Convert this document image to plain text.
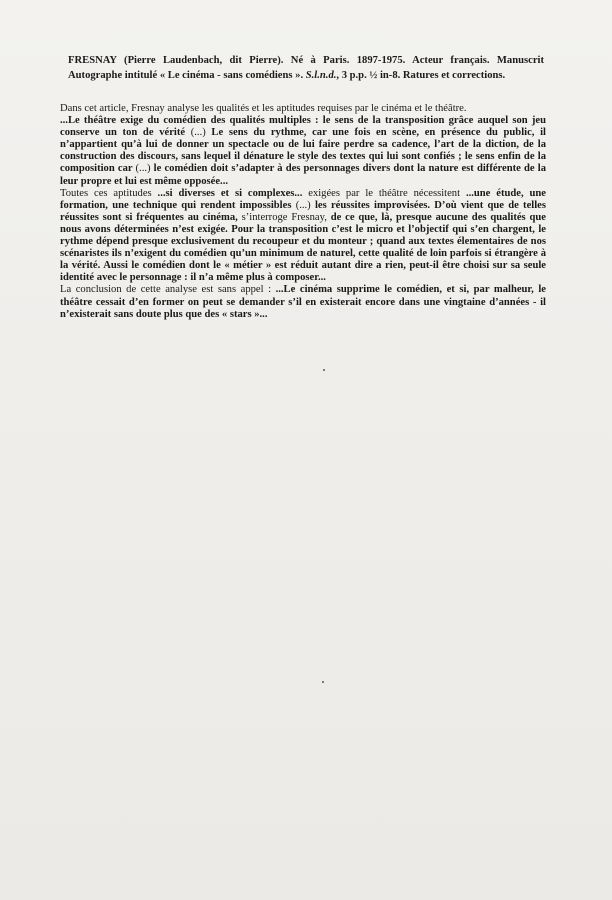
FRESNAY (Pierre Laudenbach, dit Pierre). Né à Paris. 1897-1975. Acteur français. Manuscrit Autographe intitulé « Le cinéma - sans comédiens ». S.l.n.d., 3 p.p. ½ in-8. Ratures et corrections.

Dans cet article, Fresnay analyse les qualités et les aptitudes requises par le cinéma et le théâtre.

...Le théâtre exige du comédien des qualités multiples : le sens de la transposition grâce auquel son jeu conserve un ton de vérité (...) Le sens du rythme, car une fois en scène, en présence du public, il n’appartient qu’à lui de donner un spectacle ou de lui faire perdre sa cadence, l’art de la diction, de la construction des discours, sans lequel il dénature le style des textes qui lui sont confiés ; le sens enfin de la composition car (...) le comédien doit s’adapter à des personnages divers dont la nature est différente de la leur propre et lui est même opposée...

Toutes ces aptitudes ...si diverses et si complexes... exigées par le théâtre nécessitent ...une étude, une formation, une technique qui rendent impossibles (...) les réussites improvisées. D’où vient que de telles réussites sont si fréquentes au cinéma, s’interroge Fresnay, de ce que, là, presque aucune des qualités que nous avons déterminées n’est exigée. Pour la transposition c’est le micro et l’objectif qui s’en chargent, le rythme dépend presque exclusivement du recoupeur et du monteur ; quand aux textes élementaires de nos scénaristes ils n’exigent du comédien qu’un minimum de naturel, cette qualité de loin parfois si étrangère à la vérité. Aussi le comédien dont le « métier » est réduit autant dire a rien, peut-il être choisi sur sa seule identité avec le personnage : il n’a même plus à composer...

La conclusion de cette analyse est sans appel : ...Le cinéma supprime le comédien, et si, par malheur, le théâtre cessait d’en former on peut se demander s’il en existerait encore dans une vingtaine d’années - il n’existerait sans doute plus que des « stars »...
